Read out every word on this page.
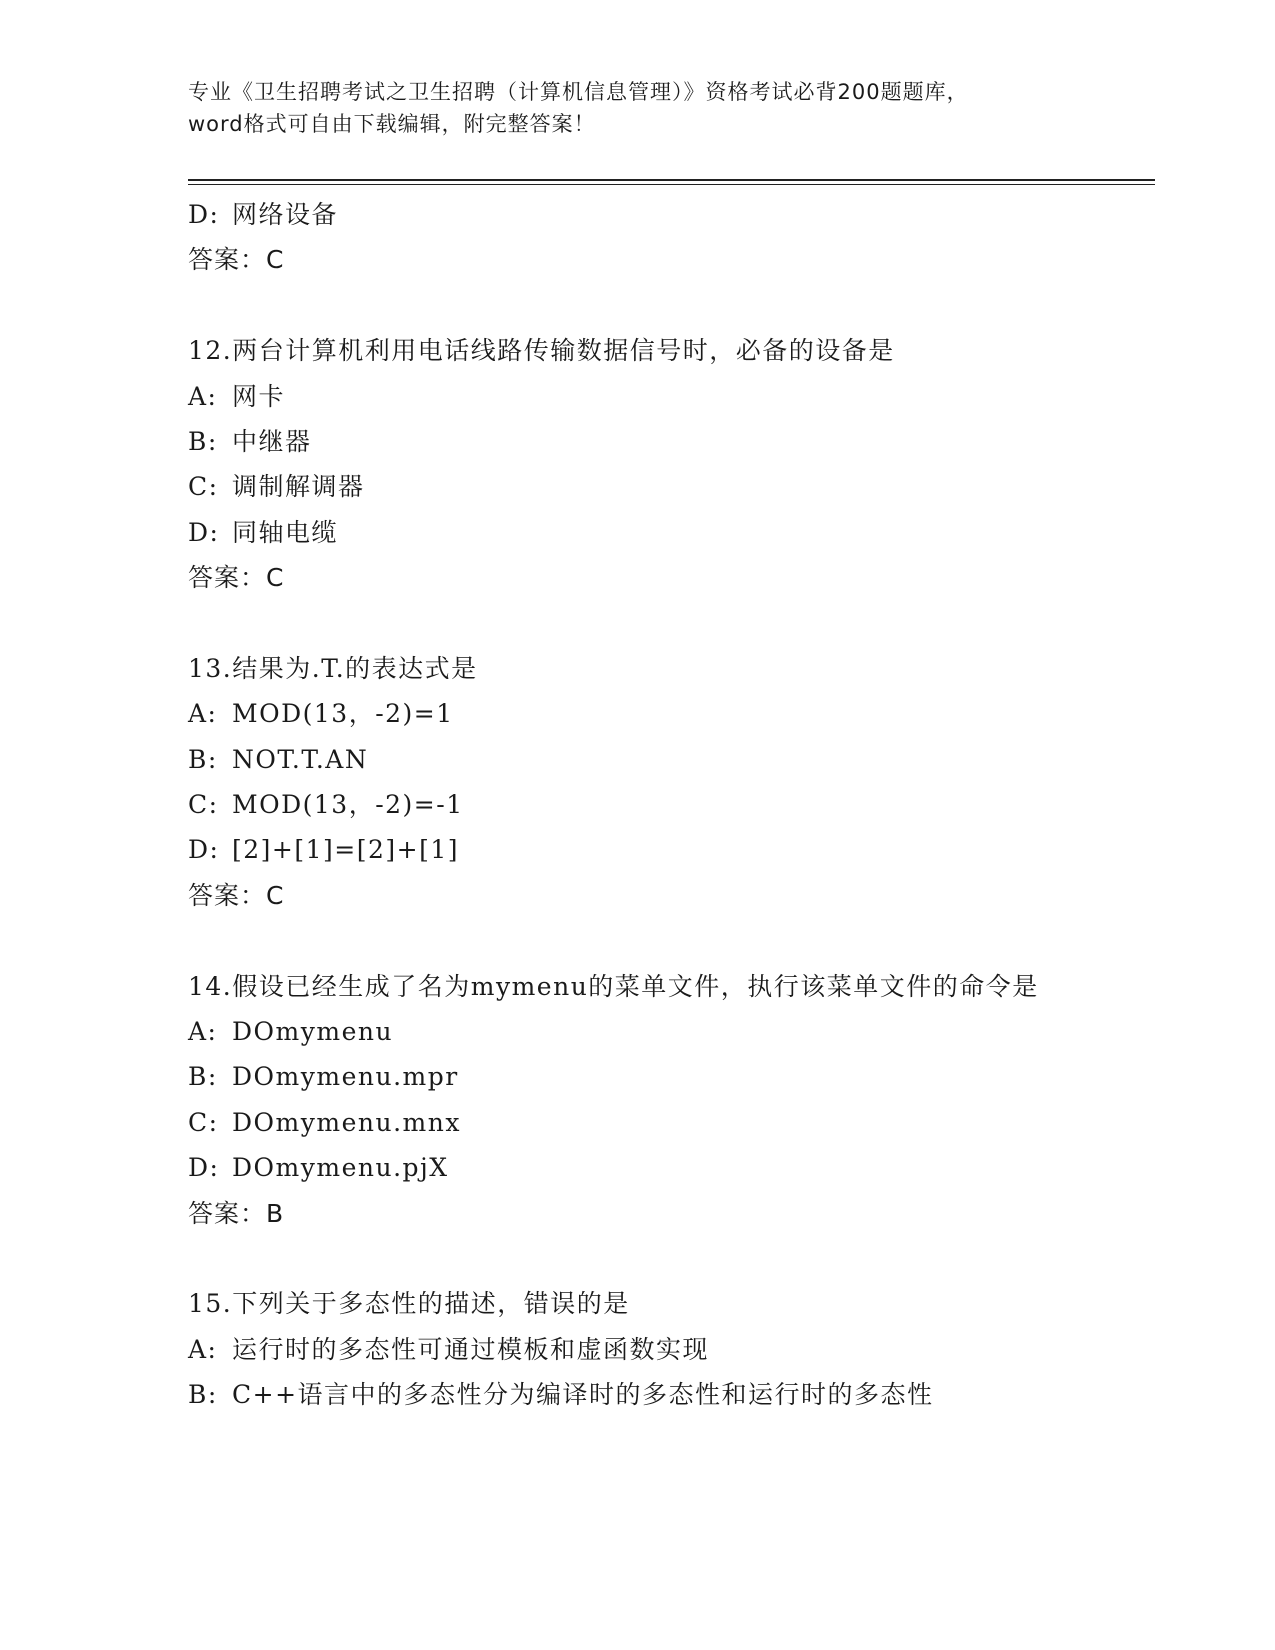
专业《卫生招聘考试之卫生招聘（计算机信息管理）》资格考试必背200题题库，
word格式可自由下载编辑，附完整答案！
D: 网络设备
答案：C
12.两台计算机利用电话线路传输数据信号时，必备的设备是
A: 网卡
B: 中继器
C: 调制解调器
D: 同轴电缆
答案：C
13.结果为.T.的表达式是
A: MOD(13，-2)=1
B: NOT.T.AN
C: MOD(13，-2)=-1
D: [2]+[1]=[2]+[1]
答案：C
14.假设已经生成了名为mymenu的菜单文件，执行该菜单文件的命令是
A: DOmymenu
B: DOmymenu.mpr
C: DOmymenu.mnx
D: DOmymenu.pjX
答案：B
15.下列关于多态性的描述，错误的是
A: 运行时的多态性可通过模板和虚函数实现
B: C++语言中的多态性分为编译时的多态性和运行时的多态性
